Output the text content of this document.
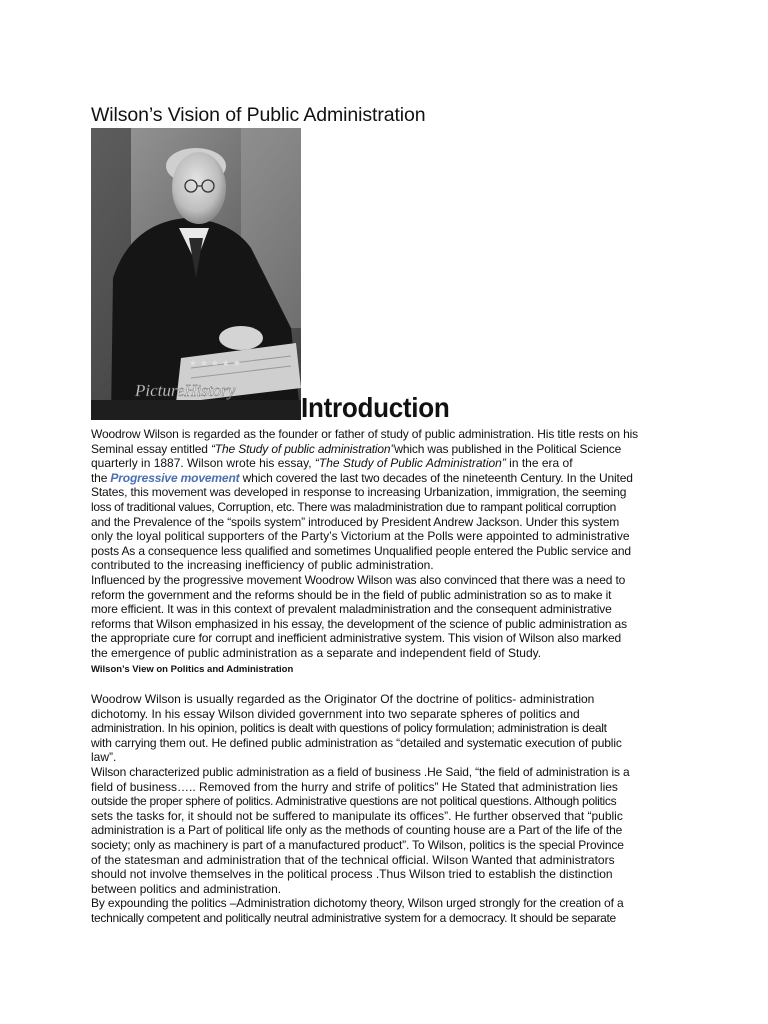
Wilson’s Vision of Public Administration
★ ★ ★ ★ ★
PictureHistory
Introduction
Woodrow Wilson is regarded as the founder or father of study of public administration. His title rests on his
Seminal essay entitled “The Study of public administration”which was published in the Political Science
quarterly in 1887. Wilson wrote his essay, “The Study of Public Administration” in the era of
the Progressive movement which covered the last two decades of the nineteenth Century. In the United
States, this movement was developed in response to increasing Urbanization, immigration, the seeming
loss of traditional values, Corruption, etc. There was maladministration due to rampant political corruption
and the Prevalence of the “spoils system” introduced by President Andrew Jackson. Under this system
only the loyal political supporters of the Party’s Victorium at the Polls were appointed to administrative
posts As a consequence less qualified and sometimes Unqualified people entered the Public service and
contributed to the increasing inefficiency of public administration.
Influenced by the progressive movement Woodrow Wilson was also convinced that there was a need to
reform the government and the reforms should be in the field of public administration so as to make it
more efficient. It was in this context of prevalent maladministration and the consequent administrative
reforms that Wilson emphasized in his essay, the development of the science of public administration as
the appropriate cure for corrupt and inefficient administrative system. This vision of Wilson also marked
the emergence of public administration as a separate and independent field of Study.
Wilson’s View on Politics and Administration
Woodrow Wilson is usually regarded as the Originator Of the doctrine of politics- administration
dichotomy. In his essay Wilson divided government into two separate spheres of politics and
administration. In his opinion, politics is dealt with questions of policy formulation; administration is dealt
with carrying them out. He defined public administration as “detailed and systematic execution of public
law”.
Wilson characterized public administration as a field of business .He Said, “the field of administration is a
field of business….. Removed from the hurry and strife of politics” He Stated that administration lies
outside the proper sphere of politics. Administrative questions are not political questions. Although politics
sets the tasks for, it should not be suffered to manipulate its offices”. He further observed that “public
administration is a Part of political life only as the methods of counting house are a Part of the life of the
society; only as machinery is part of a manufactured product”. To Wilson, politics is the special Province
of the statesman and administration that of the technical official. Wilson Wanted that administrators
should not involve themselves in the political process .Thus Wilson tried to establish the distinction
between politics and administration.
By expounding the politics –Administration dichotomy theory, Wilson urged strongly for the creation of a
technically competent and politically neutral administrative system for a democracy. It should be separate
